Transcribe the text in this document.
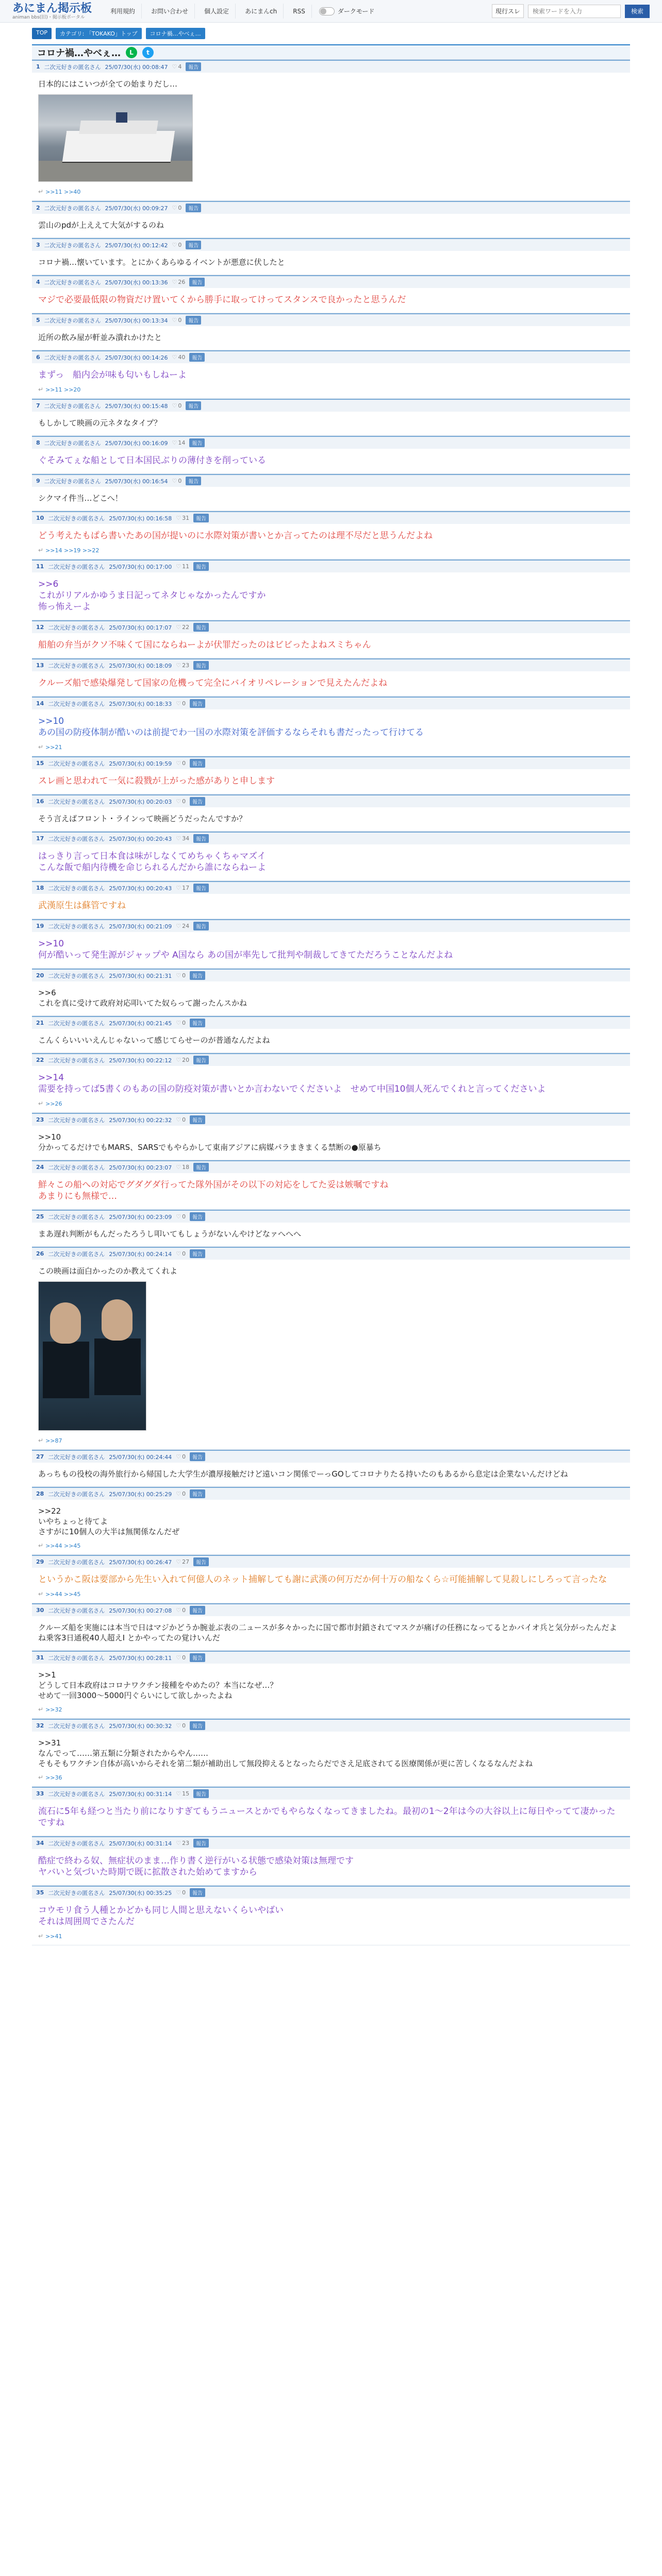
あにまん掲示板
animan bbs(旧)・掲示板ポータル
利用規約	お問い合わせ	個人設定	あにまんch	RSS	ダークモード	現行スレ
検索ワードを入力	検索
TOP	カテゴリ: 「TOKAKO」トップ	コロナ禍…やべぇ…
コロナ禍…やべぇ…	L	t
1 二次元好きの匿名さん 25/07/30(水) 00:08:47 ♡ 4	報告
日本的にはこいつが全ての始まりだし…
↵ >>11 >>40
2 二次元好きの匿名さん 25/07/30(水) 00:09:27 ♡ 0	報告
雲山のpdが上ええて大気がするのね
3 二次元好きの匿名さん 25/07/30(水) 00:12:42 ♡ 0	報告
コロナ禍…懐いています。とにかくあらゆるイベントが悪意に伏したと
4 二次元好きの匿名さん 25/07/30(水) 00:13:36 ♡ 26	報告
マジで必要最低限の物資だけ置いてくから勝手に取ってけってスタンスで良かったと思うんだ
5 二次元好きの匿名さん 25/07/30(水) 00:13:34 ♡ 0	報告
近所の飲み屋が軒並み潰れかけたと
6 二次元好きの匿名さん 25/07/30(水) 00:14:26 ♡ 40	報告
まずっ　船内会が味も匂いもしねーよ
↵ >>11 >>20
7 二次元好きの匿名さん 25/07/30(水) 00:15:48 ♡ 0	報告
もしかして映画の元ネタなタイプ？
8 二次元好きの匿名さん 25/07/30(水) 00:16:09 ♡ 14	報告
ぐそみてぇな船として日本国民ぶりの薄付きを削っている
9 二次元好きの匿名さん 25/07/30(水) 00:16:54 ♡ 0	報告
シクマイ件当…どこへ！
10 二次元好きの匿名さん 25/07/30(水) 00:16:58 ♡ 31	報告
どう考えたもぱら書いたあの国が提いのに水際対策が書いとか言ってたのは理不尽だと思うんだよね
↵ >>14 >>19 >>22
11 二次元好きの匿名さん 25/07/30(水) 00:17:00 ♡ 11	報告
>>6
これがリアルかゆうま日記ってネタじゃなかったんですか
怖っ怖えーよ
12 二次元好きの匿名さん 25/07/30(水) 00:17:07 ♡ 22	報告
船舶の弁当がクソ不味くて国にならねーよが伏罪だったのはビビったよねスミちゃん
13 二次元好きの匿名さん 25/07/30(水) 00:18:09 ♡ 23	報告
クルーズ船で感染爆発して国家の危機って完全にバイオリペレーションで見えたんだよね
14 二次元好きの匿名さん 25/07/30(水) 00:18:33 ♡ 0	報告
>>10
あの国の防疫体制が酷いのは前提でわ一国の水際対策を評価するならそれも書だったって行けてる
↵ >>21
15 二次元好きの匿名さん 25/07/30(水) 00:19:59 ♡ 0	報告
スレ画と思われて一気に殺戮が上がった感がありと申します
16 二次元好きの匿名さん 25/07/30(水) 00:20:03 ♡ 0	報告
そう言えばフロント・ラインって映画どうだったんですか？
17 二次元好きの匿名さん 25/07/30(水) 00:20:43 ♡ 34	報告
はっきり言って日本食は味がしなくてめちゃくちゃマズイ
こんな飯で船内待機を命じられるんだから誰にならねーよ
18 二次元好きの匿名さん 25/07/30(水) 00:20:43 ♡ 17	報告
武漢原生は蘇管ですね
19 二次元好きの匿名さん 25/07/30(水) 00:21:09 ♡ 24	報告
>>10
何が酷いって発生源がジャップや A国なら あの国が率先して批判や制裁してきてただろうことなんだよね
20 二次元好きの匿名さん 25/07/30(水) 00:21:31 ♡ 0	報告
>>6
これを真に受けて政府対応叩いてた奴らって謝ったんスかね
21 二次元好きの匿名さん 25/07/30(水) 00:21:45 ♡ 0	報告
こんくらいいいえんじゃないって感じてらせーのが普通なんだよね
22 二次元好きの匿名さん 25/07/30(水) 00:22:12 ♡ 20	報告
>>14
需要を持ってば5書くのもあの国の防疫対策が書いとか言わないでくださいよ　せめて中国10個人死んでくれと言ってくださいよ
↵ >>26
23 二次元好きの匿名さん 25/07/30(水) 00:22:32 ♡ 0	報告
>>10
分かってるだけでもMARS、SARSでもやらかして東南アジアに病媒パラまきまくる禁断の●原暴ち
24 二次元好きの匿名さん 25/07/30(水) 00:23:07 ♡ 18	報告
鮮々この船への対応でグダグダ行ってた隊外国がその以下の対応をしてた妥は嫉嘱ですね
あまりにも無様で…
25 二次元好きの匿名さん 25/07/30(水) 00:23:09 ♡ 0	報告
まあ遅れ判断がもんだったろうし叩いてもしょうがないんやけどなァへへへ
26 二次元好きの匿名さん 25/07/30(水) 00:24:14 ♡ 0	報告
この映画は面白かったのか教えてくれよ
↵ >>87
27 二次元好きの匿名さん 25/07/30(水) 00:24:44 ♡ 0	報告
あっちもの役校の海外旅行から帰国した大学生が濃厚接触だけど遠いコン関係でーっGOしてコロナりたる持いたのもあるから息定は企業ないんだけどね
28 二次元好きの匿名さん 25/07/30(水) 00:25:29 ♡ 0	報告
>>22
いやちょっと待てよ
さすがに10個人の大半は無関係なんだぜ
↵ >>44 >>45
29 二次元好きの匿名さん 25/07/30(水) 00:26:47 ♡ 27	報告
というかこ阪は要部から先生い入れて何億人のネット捕解しても謝に武漢の何万だか何十万の船なくら☆可能捕解して見殺しにしろって言ったな
↵ >>44 >>45
30 二次元好きの匿名さん 25/07/30(水) 00:27:08 ♡ 0	報告
クルーズ船を実施には本当で日はマジかどうか腕並ぶ表の二ュースが多々かったに国で都市封鎖されてマスクが痛げの任務になってるとかバイオ兵と気分がったんだよね乗客3日通税40人超えI とかやってたの覚けいんだ
31 二次元好きの匿名さん 25/07/30(水) 00:28:11 ♡ 0	報告
>>1
どうして日本政府はコロナワクチン接種をやめたの？本当になぜ…？
せめて一回3000〜5000円ぐらいにして欲しかったよね
↵ >>32
32 二次元好きの匿名さん 25/07/30(水) 00:30:32 ♡ 0	報告
>>31
なんでって……第五類に分類されたからやん……
そもそもワクチン自体が高いからそれを第二類が補助出して無段抑えるとなったらだでさえ足底されてる医療関係が更に苦しくなるなんだよね
↵ >>36
33 二次元好きの匿名さん 25/07/30(水) 00:31:14 ♡ 15	報告
流石に5年も経つと当たり前になりすぎてもうニュースとかでもやらなくなってきましたね。最初の1〜2年は今の大谷以上に毎日やってて凄かったですね
34 二次元好きの匿名さん 25/07/30(水) 00:31:14 ♡ 23	報告
酷症で終わる奴、無症状のまま…作り書く逆行がいる状態で感染対策は無理です
ヤバいと気づいた時期で既に拡散された始めてますから
35 二次元好きの匿名さん 25/07/30(水) 00:35:25 ♡ 0	報告
コウモリ食う人種とかどかも同じ人間と思えないくらいやばい
それは周囲周でさたんだ
↵ >>41
